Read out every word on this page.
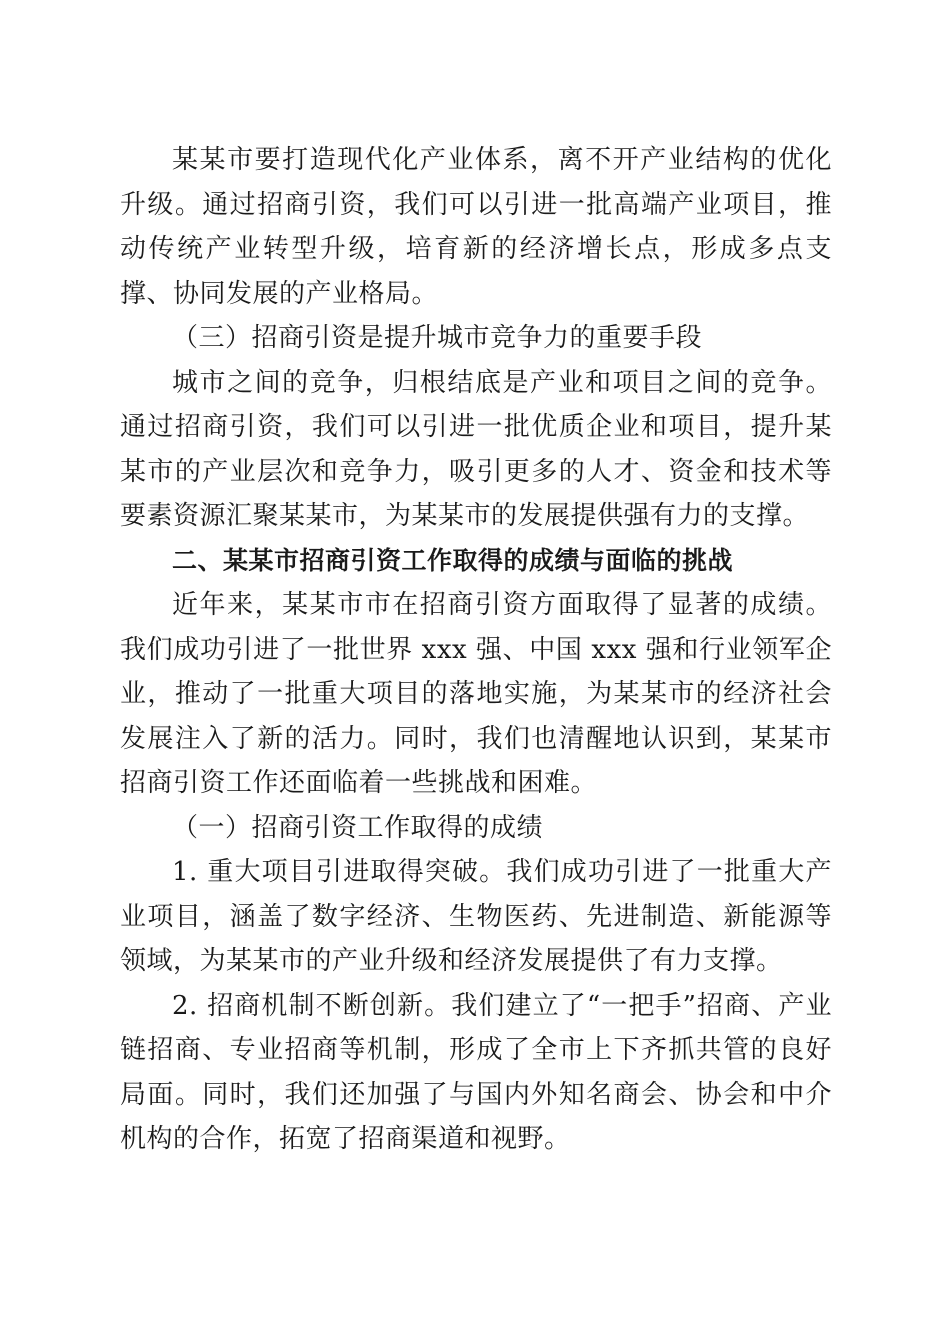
某某市要打造现代化产业体系，离不开产业结构的优化升级。通过招商引资，我们可以引进一批高端产业项目，推动传统产业转型升级，培育新的经济增长点，形成多点支撑、协同发展的产业格局。

（三）招商引资是提升城市竞争力的重要手段

城市之间的竞争，归根结底是产业和项目之间的竞争。通过招商引资，我们可以引进一批优质企业和项目，提升某某市的产业层次和竞争力，吸引更多的人才、资金和技术等要素资源汇聚某某市，为某某市的发展提供强有力的支撑。

二、某某市招商引资工作取得的成绩与面临的挑战

近年来，某某市市在招商引资方面取得了显著的成绩。我们成功引进了一批世界 xxx 强、中国 xxx 强和行业领军企业，推动了一批重大项目的落地实施，为某某市的经济社会发展注入了新的活力。同时，我们也清醒地认识到，某某市招商引资工作还面临着一些挑战和困难。

（一）招商引资工作取得的成绩

1. 重大项目引进取得突破。我们成功引进了一批重大产业项目，涵盖了数字经济、生物医药、先进制造、新能源等领域，为某某市的产业升级和经济发展提供了有力支撑。

2. 招商机制不断创新。我们建立了“一把手”招商、产业链招商、专业招商等机制，形成了全市上下齐抓共管的良好局面。同时，我们还加强了与国内外知名商会、协会和中介机构的合作，拓宽了招商渠道和视野。
